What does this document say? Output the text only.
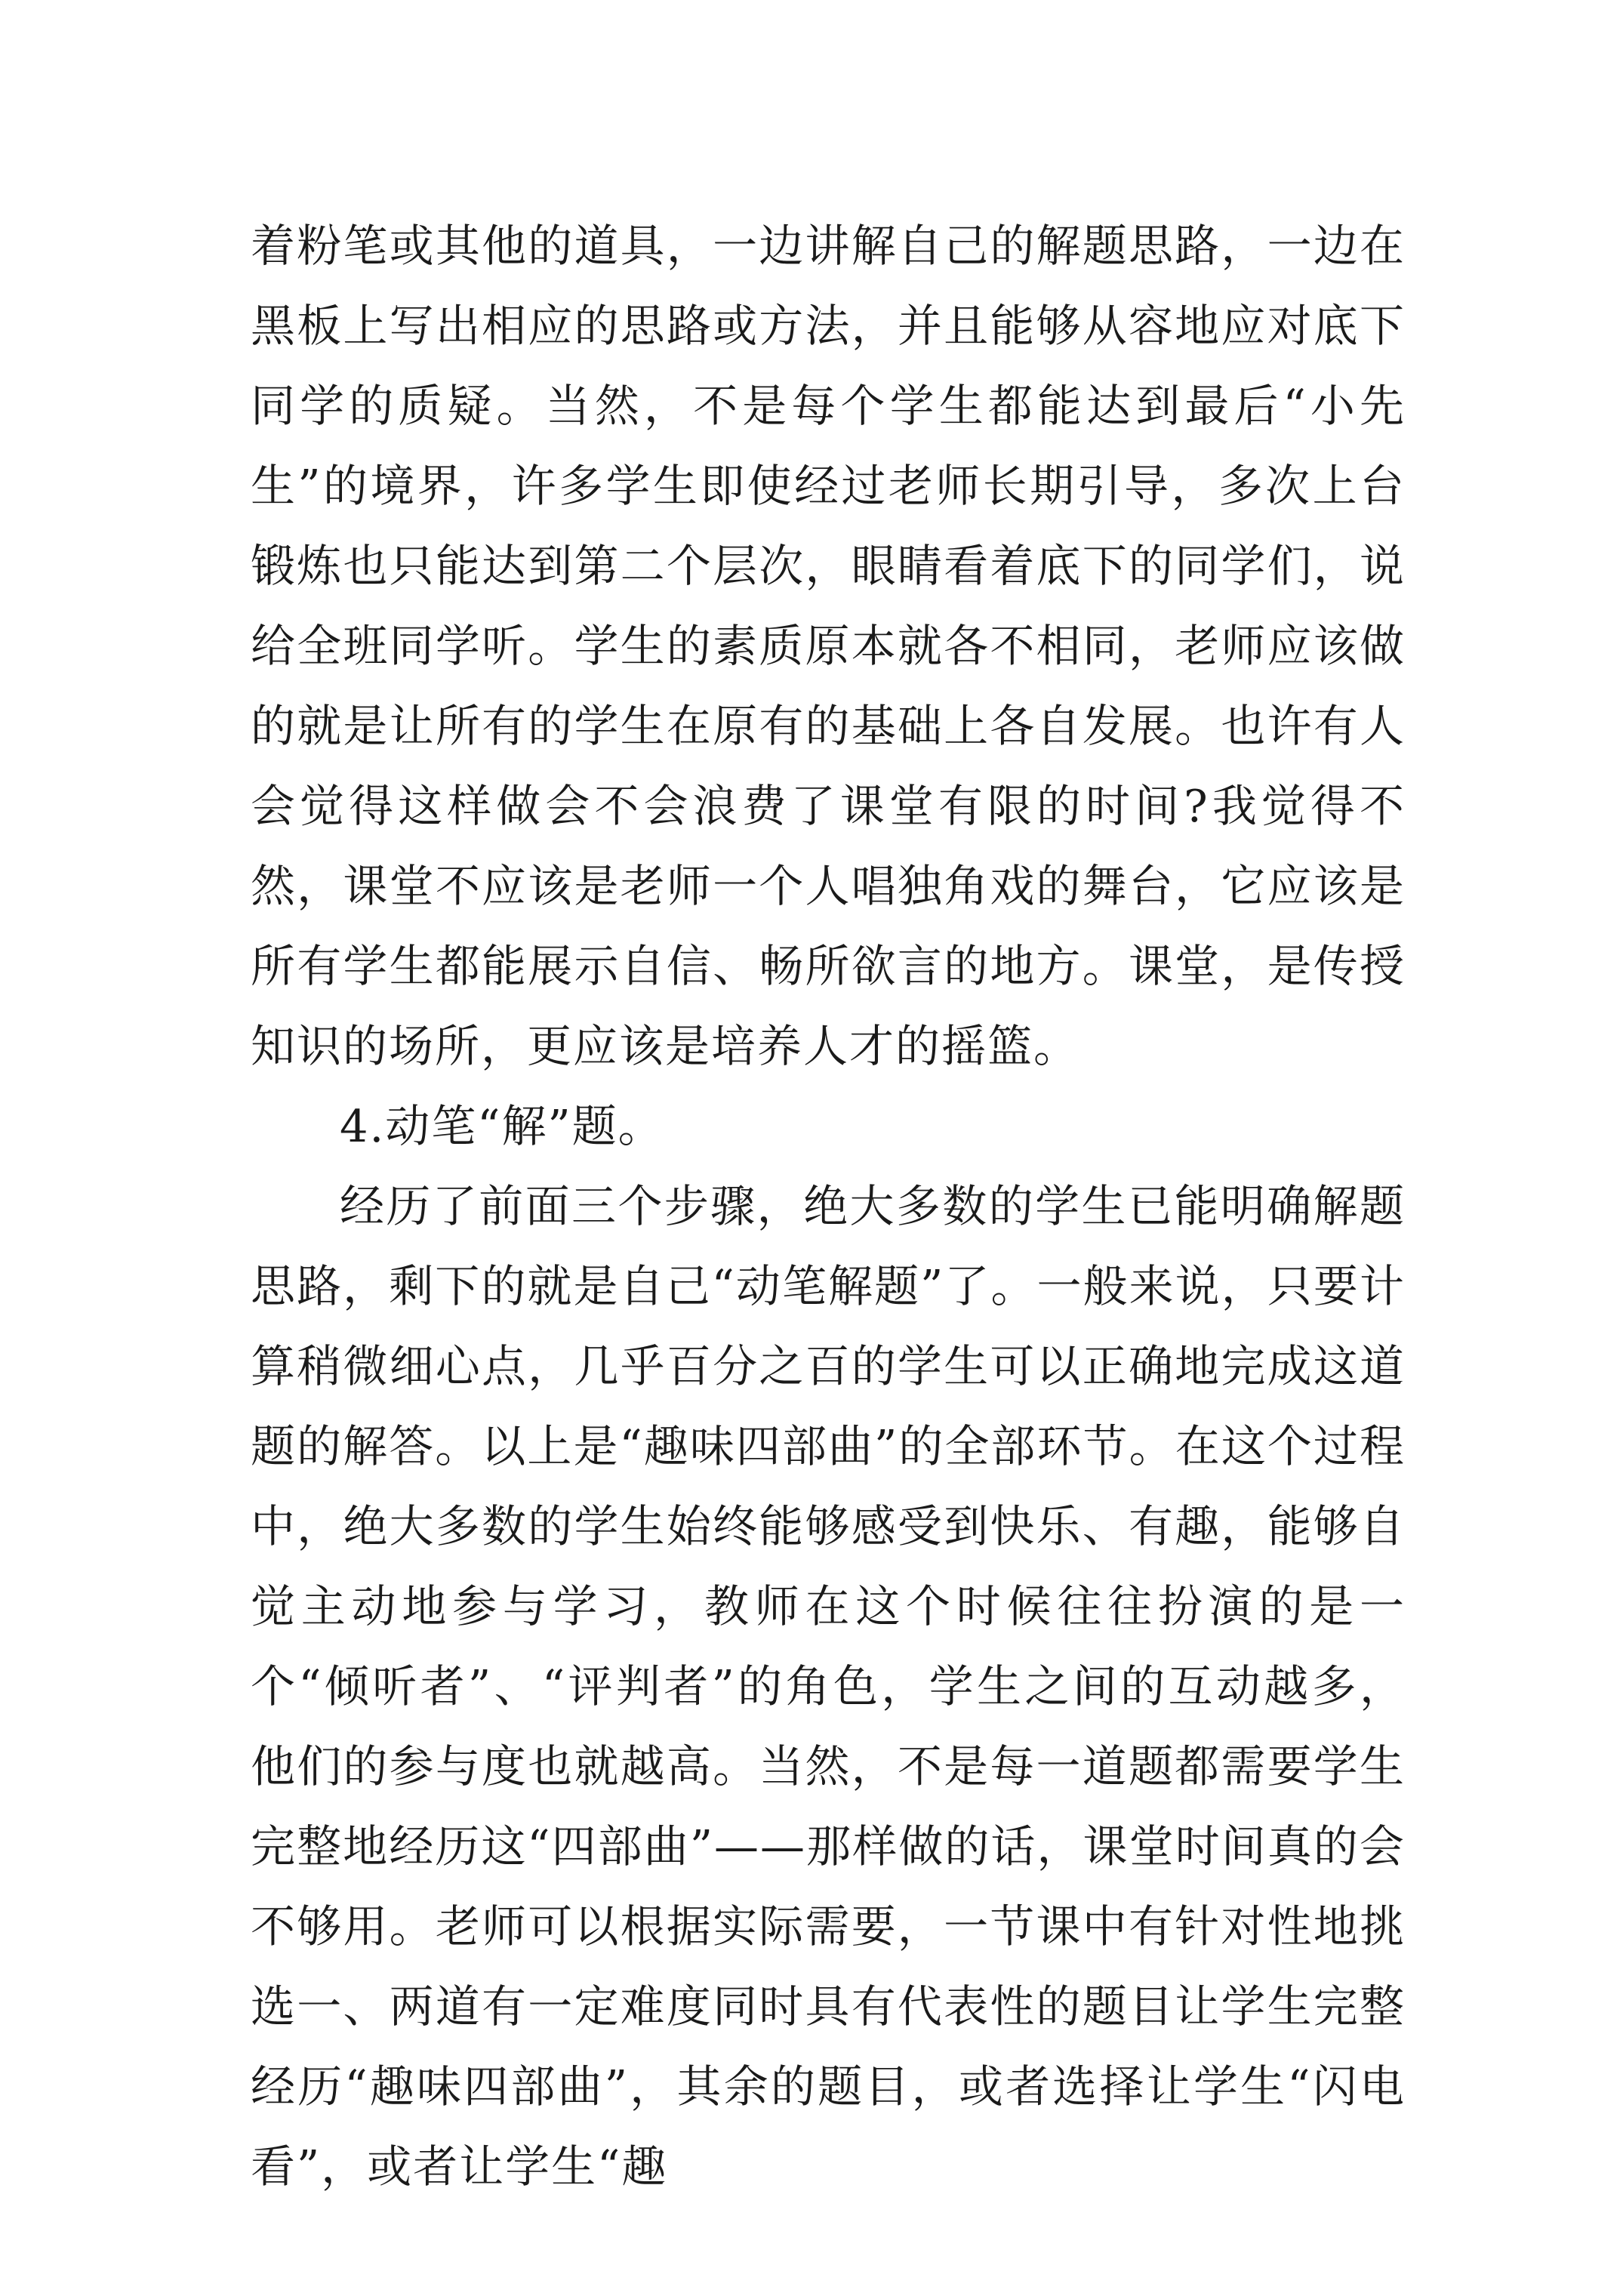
着粉笔或其他的道具，一边讲解自己的解题思路，一边在黑板上写出相应的思路或方法，并且能够从容地应对底下同学的质疑。当然，不是每个学生都能达到最后“小先生”的境界，许多学生即使经过老师长期引导，多次上台锻炼也只能达到第二个层次，眼睛看着底下的同学们，说给全班同学听。学生的素质原本就各不相同，老师应该做的就是让所有的学生在原有的基础上各自发展。也许有人会觉得这样做会不会浪费了课堂有限的时间?我觉得不然，课堂不应该是老师一个人唱独角戏的舞台，它应该是所有学生都能展示自信、畅所欲言的地方。课堂，是传授知识的场所，更应该是培养人才的摇篮。

4.动笔“解”题。

经历了前面三个步骤，绝大多数的学生已能明确解题思路，剩下的就是自己“动笔解题”了。一般来说，只要计算稍微细心点，几乎百分之百的学生可以正确地完成这道题的解答。以上是“趣味四部曲”的全部环节。在这个过程中，绝大多数的学生始终能够感受到快乐、有趣，能够自觉主动地参与学习，教师在这个时候往往扮演的是一个“倾听者”、“评判者”的角色，学生之间的互动越多，他们的参与度也就越高。当然，不是每一道题都需要学生完整地经历这“四部曲”——那样做的话，课堂时间真的会不够用。老师可以根据实际需要，一节课中有针对性地挑选一、两道有一定难度同时具有代表性的题目让学生完整经历“趣味四部曲”，其余的题目，或者选择让学生“闪电看”，或者让学生“趣
